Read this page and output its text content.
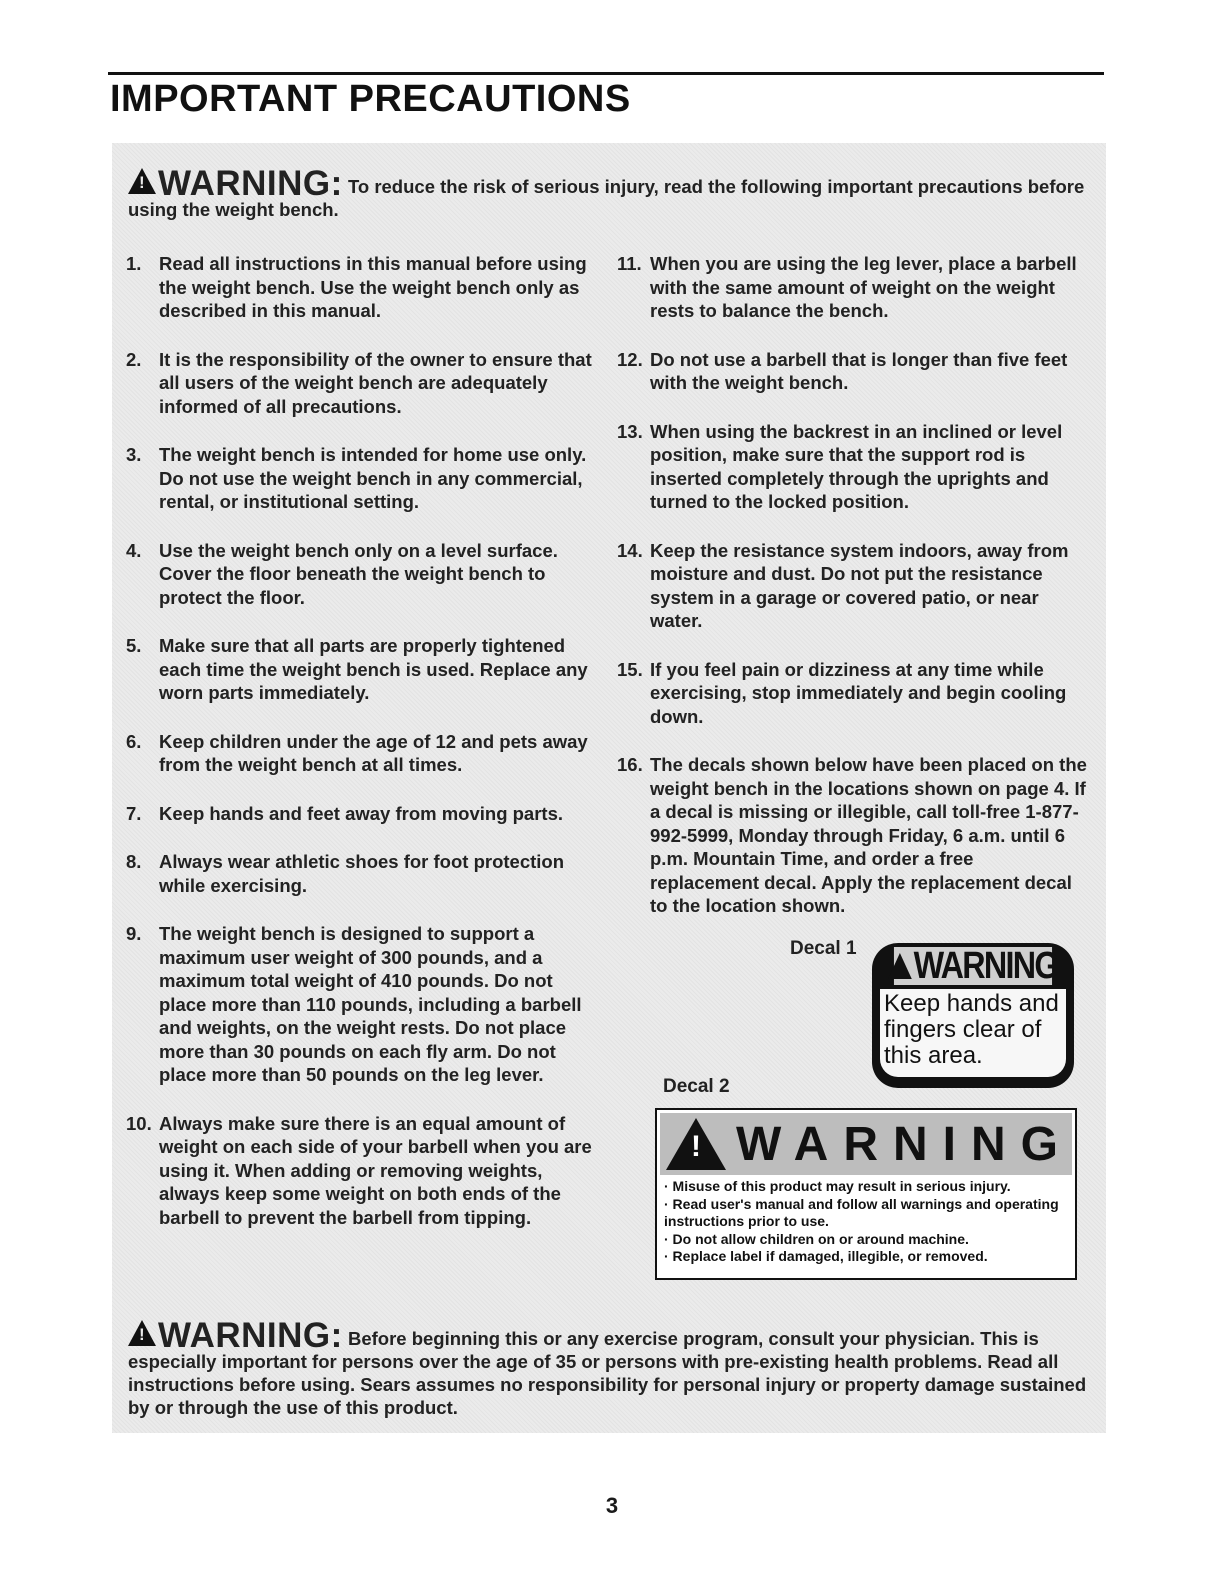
IMPORTANT PRECAUTIONS
!WARNING: To reduce the risk of serious injury, read the following important precautions before using the weight bench.
1. Read all instructions in this manual before using the weight bench. Use the weight bench only as described in this manual.
2. It is the responsibility of the owner to ensure that all users of the weight bench are adequately informed of all precautions.
3. The weight bench is intended for home use only. Do not use the weight bench in any commercial, rental, or institutional setting.
4. Use the weight bench only on a level surface. Cover the floor beneath the weight bench to protect the floor.
5. Make sure that all parts are properly tightened each time the weight bench is used. Replace any worn parts immediately.
6. Keep children under the age of 12 and pets away from the weight bench at all times.
7. Keep hands and feet away from moving parts.
8. Always wear athletic shoes for foot protection while exercising.
9. The weight bench is designed to support a maximum user weight of 300 pounds, and a maximum total weight of 410 pounds. Do not place more than 110 pounds, including a barbell and weights, on the weight rests. Do not place more than 30 pounds on each fly arm. Do not place more than 50 pounds on the leg lever.
10. Always make sure there is an equal amount of weight on each side of your barbell when you are using it. When adding or removing weights, always keep some weight on both ends of the barbell to prevent the barbell from tipping.
11. When you are using the leg lever, place a barbell with the same amount of weight on the weight rests to balance the bench.
12. Do not use a barbell that is longer than five feet with the weight bench.
13. When using the backrest in an inclined or level position, make sure that the support rod is inserted completely through the uprights and turned to the locked position.
14. Keep the resistance system indoors, away from moisture and dust. Do not put the resistance system in a garage or covered patio, or near water.
15. If you feel pain or dizziness at any time while exercising, stop immediately and begin cooling down.
16. The decals shown below have been placed on the weight bench in the locations shown on page 4. If a decal is missing or illegible, call toll-free 1-877-992-5999, Monday through Friday, 6 a.m. until 6 p.m. Mountain Time, and order a free replacement decal. Apply the replacement decal to the location shown.
Decal 1 WARNING
Keep hands and fingers clear of this area.
Decal 2
!
WARNING
· Misuse of this product may result in serious injury.
· Read user's manual and follow all warnings and operating instructions prior to use.
· Do not allow children on or around machine.
· Replace label if damaged, illegible, or removed.
!WARNING: Before beginning this or any exercise program, consult your physician. This is especially important for persons over the age of 35 or persons with pre-existing health problems. Read all instructions before using. Sears assumes no responsibility for personal injury or property damage sustained by or through the use of this product.
3
